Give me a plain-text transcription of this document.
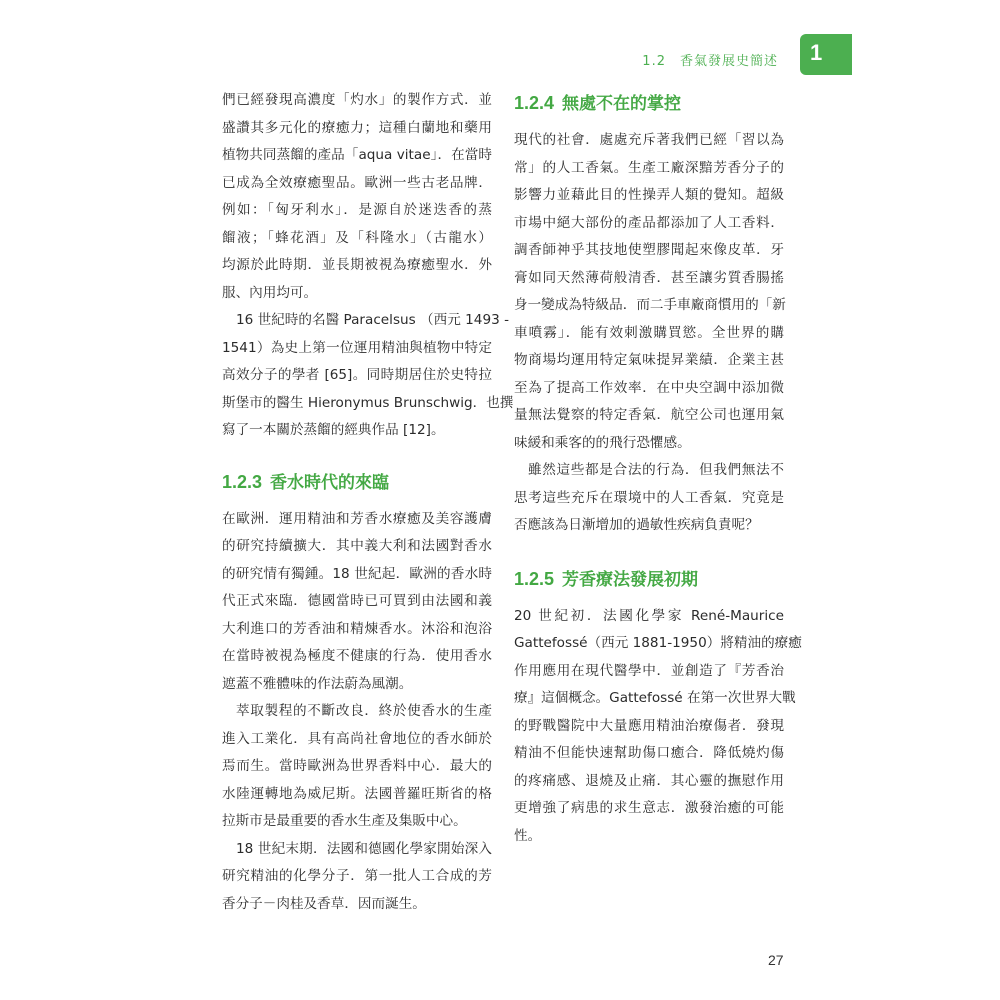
1.2 香氣發展史簡述	1
們已經發現高濃度「灼水」的製作方式．並
盛讚其多元化的療癒力；這種白蘭地和藥用
植物共同蒸餾的產品「aqua vitae」．在當時
已成為全效療癒聖品。歐洲一些古老品牌．
例如：「匈牙利水」．是源自於迷迭香的蒸
餾液；「蜂花酒」及「科隆水」（古龍水）
均源於此時期．並長期被視為療癒聖水．外
服、內用均可。
16 世紀時的名醫 Paracelsus （西元 1493 -
1541）為史上第一位運用精油與植物中特定
高效分子的學者 [65]。同時期居住於史特拉
斯堡市的醫生 Hieronymus Brunschwig．也撰
寫了一本關於蒸餾的經典作品 [12]。
1.2.3 香水時代的來臨
在歐洲．運用精油和芳香水療癒及美容護膚
的研究持續擴大．其中義大利和法國對香水
的研究情有獨鍾。18 世紀起．歐洲的香水時
代正式來臨．德國當時已可買到由法國和義
大利進口的芳香油和精煉香水。沐浴和泡浴
在當時被視為極度不健康的行為．使用香水
遮蓋不雅體味的作法蔚為風潮。
萃取製程的不斷改良．終於使香水的生產
進入工業化．具有高尚社會地位的香水師於
焉而生。當時歐洲為世界香料中心．最大的
水陸運轉地為威尼斯。法國普羅旺斯省的格
拉斯市是最重要的香水生產及集販中心。
18 世紀末期．法國和德國化學家開始深入
研究精油的化學分子．第一批人工合成的芳
香分子－肉桂及香草．因而誕生。
1.2.4 無處不在的掌控
現代的社會．處處充斥著我們已經「習以為
常」的人工香氣。生產工廠深黯芳香分子的
影響力並藉此目的性操弄人類的覺知。超級
市場中絕大部份的產品都添加了人工香料．
調香師神乎其技地使塑膠聞起來像皮革．牙
膏如同天然薄荷般清香．甚至讓劣質香腸搖
身一變成為特級品．而二手車廠商慣用的「新
車噴霧」．能有效刺激購買慾。全世界的購
物商場均運用特定氣味提昇業績．企業主甚
至為了提高工作效率．在中央空調中添加微
量無法覺察的特定香氣．航空公司也運用氣
味緩和乘客的的飛行恐懼感。
雖然這些都是合法的行為．但我們無法不
思考這些充斥在環境中的人工香氣．究竟是
否應該為日漸增加的過敏性疾病負責呢？
1.2.5 芳香療法發展初期
20 世紀初．法國化學家 René-Maurice
Gattefossé（西元 1881-1950）將精油的療癒
作用應用在現代醫學中．並創造了『芳香治
療』這個概念。Gattefossé 在第一次世界大戰
的野戰醫院中大量應用精油治療傷者．發現
精油不但能快速幫助傷口癒合．降低燒灼傷
的疼痛感、退燒及止痛．其心靈的撫慰作用
更增強了病患的求生意志．激發治癒的可能
性。
27
